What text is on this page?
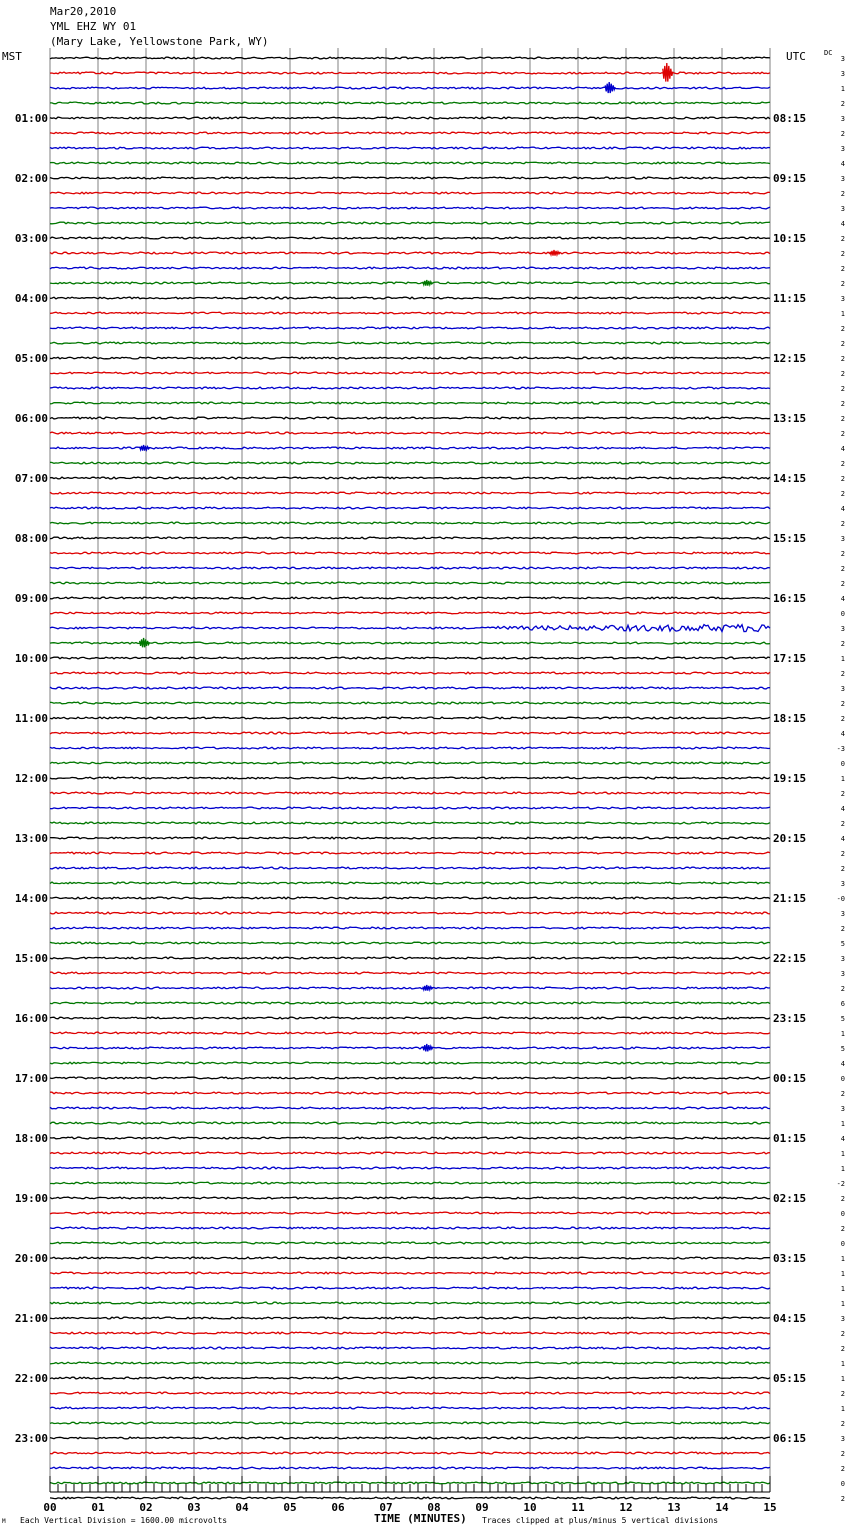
00	01	02	03	04	05	06	07	08	09	10	11	12	13	14	15
01:00
02:00
03:00
04:00
05:00
06:00
07:00
08:00
09:00
10:00
11:00
12:00
13:00
14:00
15:00
16:00
17:00
18:00
19:00
20:00
21:00
22:00
23:00
08:15
09:15
10:15
11:15
12:15
13:15
14:15
15:15
16:15
17:15
18:15
19:15
20:15
21:15
22:15
23:15
00:15
01:15
02:15
03:15
04:15
05:15
06:15
3
3
1
2
3
2
3
4
3
2
3
4
2
2
2
2
3
1
2
2
2
2
2
2
2
2
4
2
2
2
4
2
3
2
2
2
4
0
3
2
1
2
3
2
2
4
-3
0
1
2
4
2
4
2
2
3
-0
3
2
5
3
3
2
6
5
1
5
4
0
2
3
1
4
1
1
-2
2
0
2
0
1
1
1
1
3
2
2
1
1
2
1
2
3
2
2
0
2
Mar20,2010
YML EHZ WY 01
(Mary Lake, Yellowstone Park, WY)
MST	UTC	DC
M Each Vertical Division = 1600.00 microvolts	TIME (MINUTES) Traces clipped at plus/minus 5 vertical divisions
